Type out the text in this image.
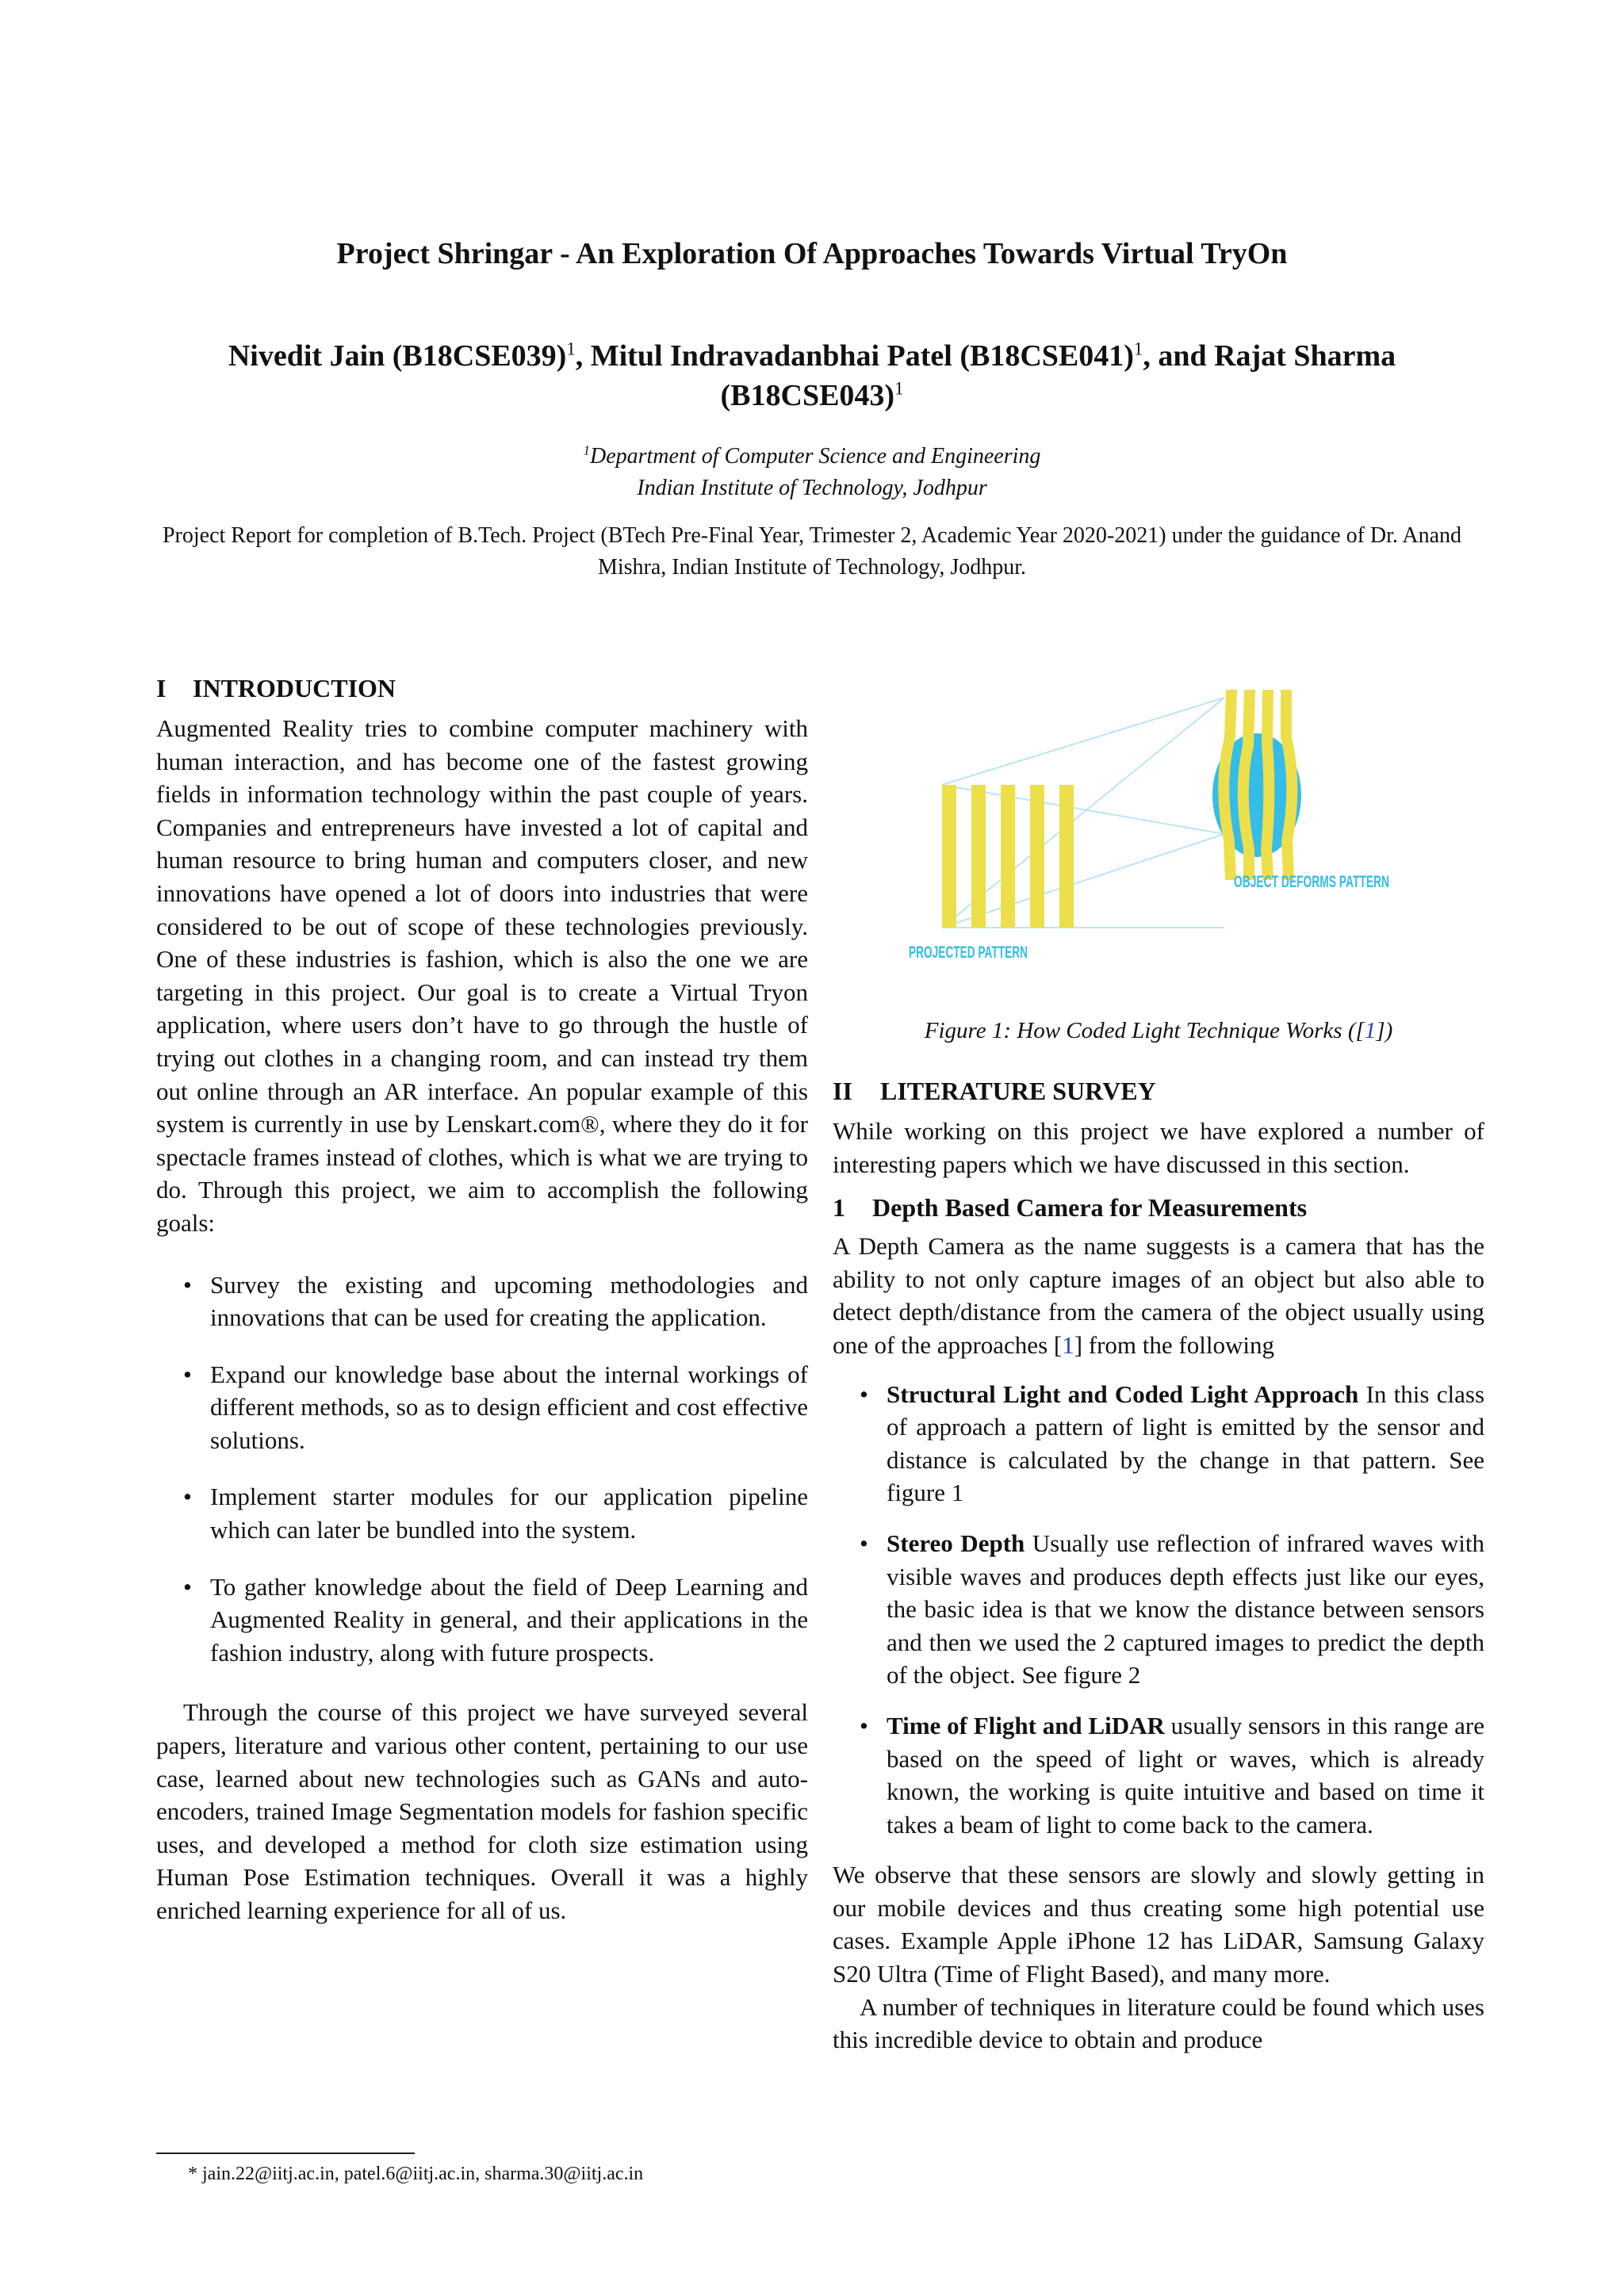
Project Shringar - An Exploration Of Approaches Towards Virtual TryOn
Nivedit Jain $(B18CSE039)^1$, Mitul Indravadanbhai Patel $(B18CSE041)^1$, and Rajat Sharma
$(B18CSE043)^1$
$^1$Department of Computer Science and Engineering
Indian Institute of Technology, Jodhpur
Project Report for completion of B.Tech. Project (BTech Pre-Final Year, Trimester 2, Academic Year 2020-2021) under the guidance of Dr. Anand Mishra, Indian Institute of Technology, Jodhpur.
I	INTRODUCTION

Augmented Reality tries to combine computer machinery with human interaction, and has become one of the fastest growing fields in information technology within the past couple of years. Companies and entrepreneurs have invested a lot of capital and human resource to bring human and computers closer, and new innovations have opened a lot of doors into industries that were considered to be out of scope of these technologies previously. One of these industries is fashion, which is also the one we are targeting in this project. Our goal is to create a Virtual Tryon application, where users don’t have to go through the hustle of trying out clothes in a changing room, and can instead try them out online through an AR interface. An popular example of this system is currently in use by Lenskart.com®, where they do it for spectacle frames instead of clothes, which is what we are trying to do. Through this project, we aim to accomplish the following goals:

• Survey the existing and upcoming methodologies and innovations that can be used for creating the application.
• Expand our knowledge base about the internal workings of different methods, so as to design efficient and cost effective solutions.
• Implement starter modules for our application pipeline which can later be bundled into the system.
• To gather knowledge about the field of Deep Learning and Augmented Reality in general, and their applications in the fashion industry, along with future prospects.

Through the course of this project we have surveyed several papers, literature and various other content, pertaining to our use case, learned about new technologies such as GANs and auto-encoders, trained Image Segmentation models for fashion specific uses, and developed a method for cloth size estimation using Human Pose Estimation techniques. Overall it was a highly enriched learning experience for all of us.

OBJECT DEFORMS PATTERN
PROJECTED PATTERN
Figure 1: How Coded Light Technique Works ([1])
II	LITERATURE SURVEY

While working on this project we have explored a number of interesting papers which we have discussed in this section.

1	Depth Based Camera for Measurements

A Depth Camera as the name suggests is a camera that has the ability to not only capture images of an object but also able to detect depth/distance from the camera of the object usually using one of the approaches [1] from the following

• Structural Light and Coded Light Approach In this class of approach a pattern of light is emitted by the sensor and distance is calculated by the change in that pattern. See figure 1
• Stereo Depth Usually use reflection of infrared waves with visible waves and produces depth effects just like our eyes, the basic idea is that we know the distance between sensors and then we used the 2 captured images to predict the depth of the object. See figure 2
• Time of Flight and LiDAR usually sensors in this range are based on the speed of light or waves, which is already known, the working is quite intuitive and based on time it takes a beam of light to come back to the camera.

We observe that these sensors are slowly and slowly getting in our mobile devices and thus creating some high potential use cases. Example Apple iPhone 12 has LiDAR, Samsung Galaxy S20 Ultra (Time of Flight Based), and many more.

A number of techniques in literature could be found which uses this incredible device to obtain and produce

* jain.22@iitj.ac.in, patel.6@iitj.ac.in, sharma.30@iitj.ac.in
